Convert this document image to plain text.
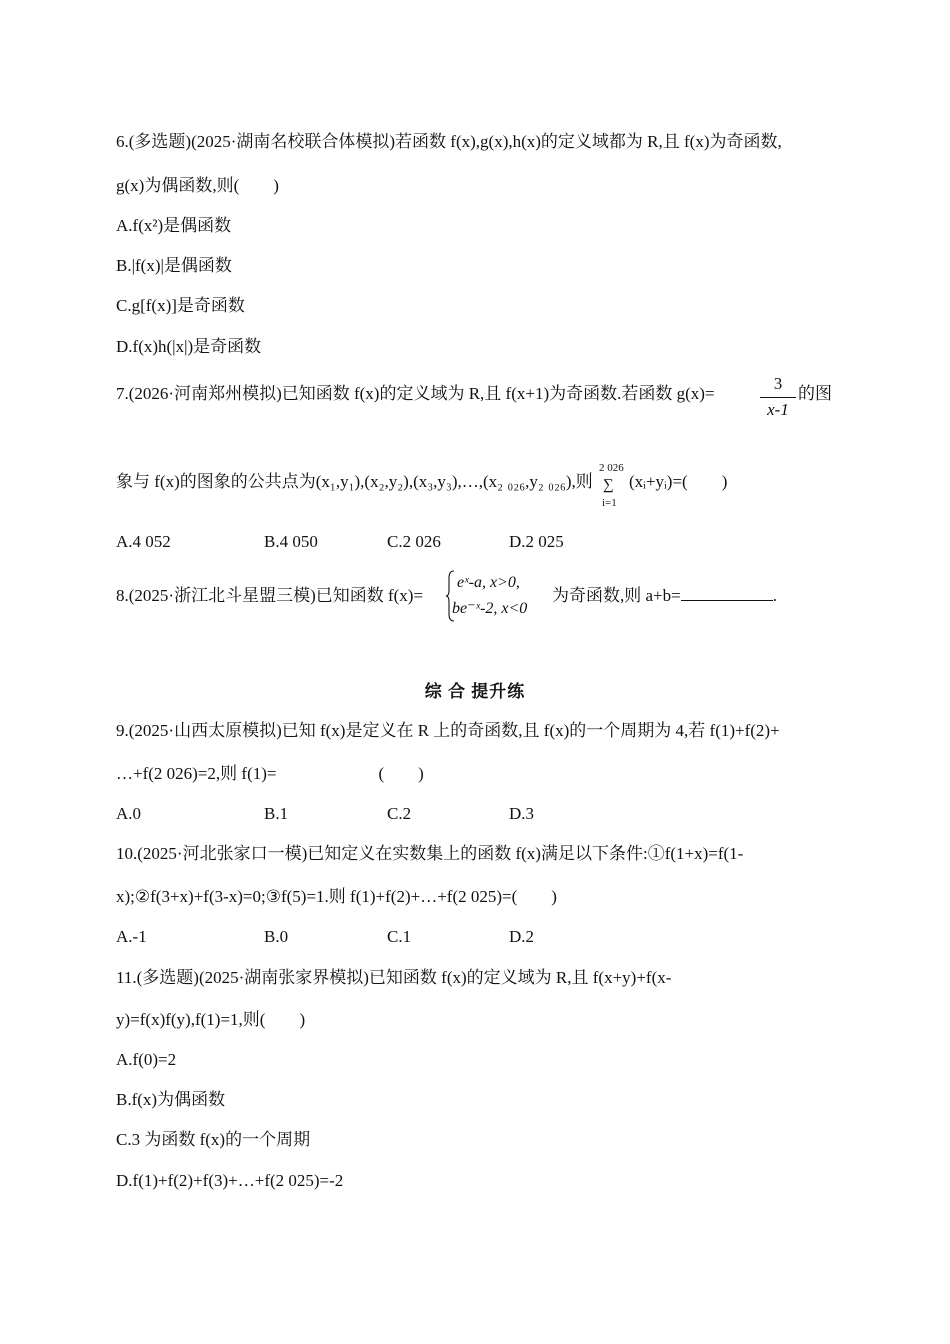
6.(多选题)(2025·湖南名校联合体模拟)若函数 f(x),g(x),h(x)的定义域都为 R,且 f(x)为奇函数,
g(x)为偶函数,则(　　)
A.f(x²)是偶函数
B.|f(x)|是偶函数
C.g[f(x)]是奇函数
D.f(x)h(|x|)是奇函数
7.(2026·河南郑州模拟)已知函数 f(x)的定义域为 R,且 f(x+1)为奇函数.若函数 g(x)=
3
x-1
的图
象与 f(x)的图象的公共点为(x₁,y₁),(x₂,y₂),(x₃,y₃),…,(x₂ ₀₂₆,y₂ ₀₂₆),则
2 026
∑
i=1
(xᵢ+yᵢ)=(　　)
A.4 052	B.4 050	C.2 026	D.2 025
8.(2025·浙江北斗星盟三模)已知函数 f(x)=
eˣ-a, x>0,
be⁻ˣ-2, x<0
为奇函数,则 a+b=	.
综 合 提升练
9.(2025·山西太原模拟)已知 f(x)是定义在 R 上的奇函数,且 f(x)的一个周期为 4,若 f(1)+f(2)+
…+f(2 026)=2,则 f(1)=　　　　　　(　　)
A.0	B.1	C.2	D.3
10.(2025·河北张家口一模)已知定义在实数集上的函数 f(x)满足以下条件:①f(1+x)=f(1-
x);②f(3+x)+f(3-x)=0;③f(5)=1.则 f(1)+f(2)+…+f(2 025)=(　　)
A.-1	B.0	C.1	D.2
11.(多选题)(2025·湖南张家界模拟)已知函数 f(x)的定义域为 R,且 f(x+y)+f(x-
y)=f(x)f(y),f(1)=1,则(　　)
A.f(0)=2
B.f(x)为偶函数
C.3 为函数 f(x)的一个周期
D.f(1)+f(2)+f(3)+…+f(2 025)=-2
